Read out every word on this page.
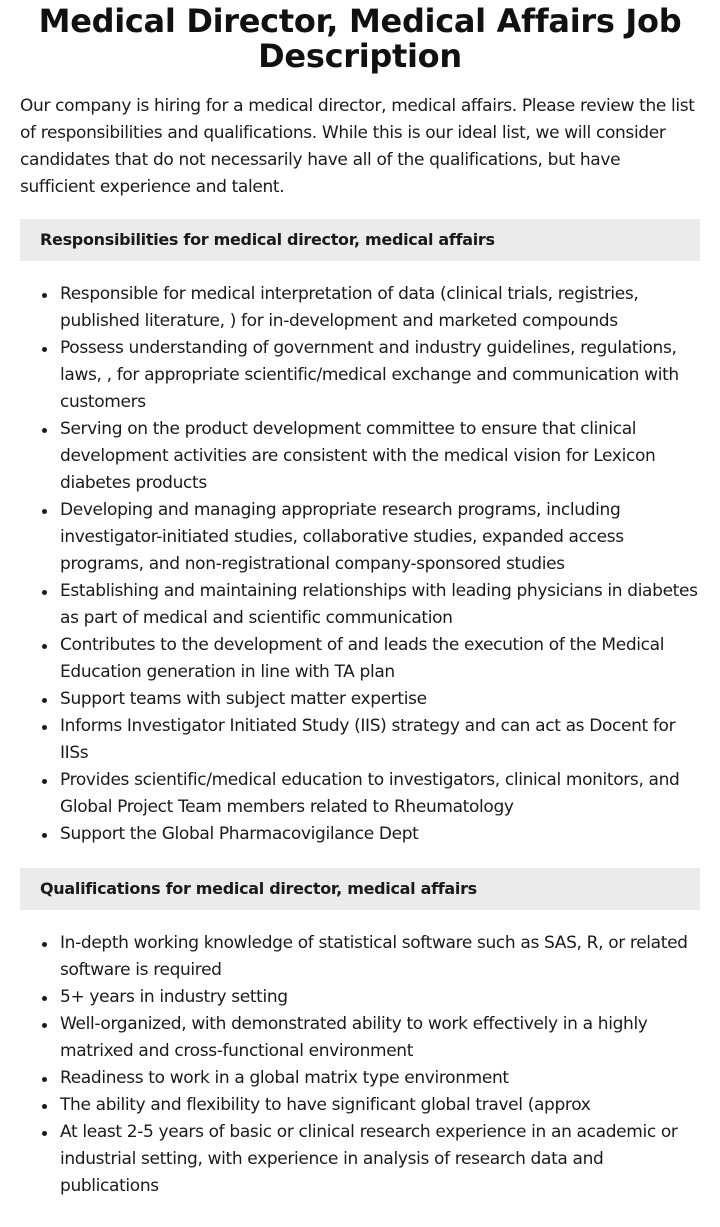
Medical Director, Medical Affairs Job Description

Our company is hiring for a medical director, medical affairs. Please review the list of responsibilities and qualifications. While this is our ideal list, we will consider candidates that do not necessarily have all of the qualifications, but have sufficient experience and talent.

Responsibilities for medical director, medical affairs
Responsible for medical interpretation of data (clinical trials, registries, published literature, ) for in-development and marketed compounds
Possess understanding of government and industry guidelines, regulations, laws, , for appropriate scientific/medical exchange and communication with customers
Serving on the product development committee to ensure that clinical development activities are consistent with the medical vision for Lexicon diabetes products
Developing and managing appropriate research programs, including investigator-initiated studies, collaborative studies, expanded access programs, and non-registrational company-sponsored studies
Establishing and maintaining relationships with leading physicians in diabetes as part of medical and scientific communication
Contributes to the development of and leads the execution of the Medical Education generation in line with TA plan
Support teams with subject matter expertise
Informs Investigator Initiated Study (IIS) strategy and can act as Docent for IISs
Provides scientific/medical education to investigators, clinical monitors, and Global Project Team members related to Rheumatology
Support the Global Pharmacovigilance Dept
Qualifications for medical director, medical affairs
In-depth working knowledge of statistical software such as SAS, R, or related software is required
5+ years in industry setting
Well-organized, with demonstrated ability to work effectively in a highly matrixed and cross-functional environment
Readiness to work in a global matrix type environment
The ability and flexibility to have significant global travel (approx
At least 2-5 years of basic or clinical research experience in an academic or industrial setting, with experience in analysis of research data and publications
